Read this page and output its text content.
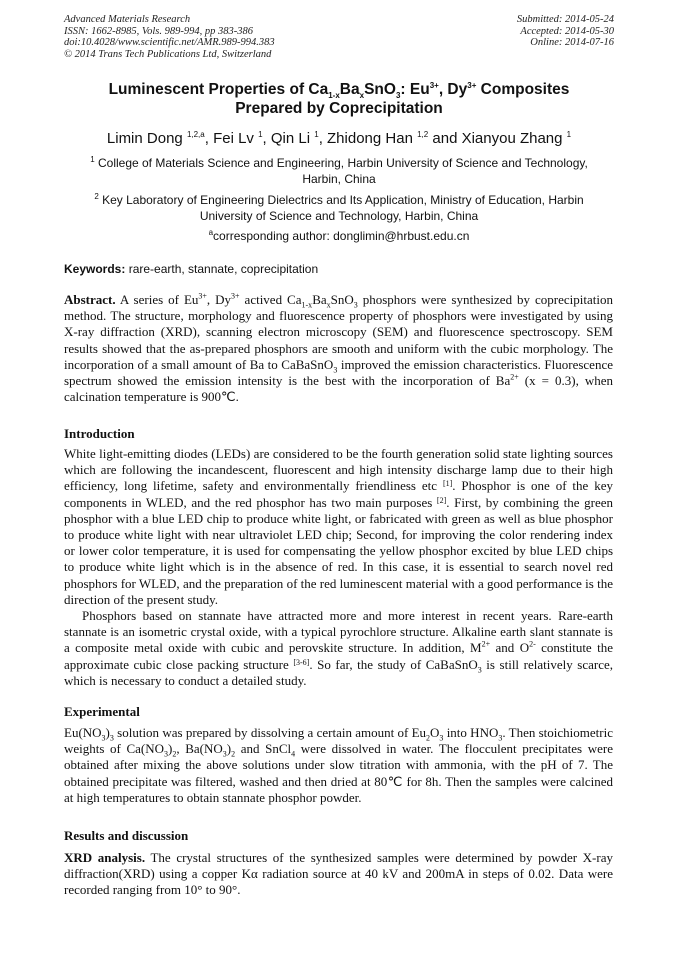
Advanced Materials Research
ISSN: 1662-8985, Vols. 989-994, pp 383-386
doi:10.4028/www.scientific.net/AMR.989-994.383
© 2014 Trans Tech Publications Ltd, Switzerland
Submitted: 2014-05-24
Accepted: 2014-05-30
Online: 2014-07-16
Luminescent Properties of $Ca_{1-x}Ba_xSnO_3$: $Eu^{3+}$, $Dy^{3+}$ Composites
Prepared by Coprecipitation
Limin Dong $^{1,2,a}$, Fei Lv $^1$, Qin Li $^1$, Zhidong Han $^{1,2}$ and Xianyou Zhang $^1$
$^1$ College of Materials Science and Engineering, Harbin University of Science and Technology,
Harbin, China
$^2$ Key Laboratory of Engineering Dielectrics and Its Application, Ministry of Education, Harbin
University of Science and Technology, Harbin, China
$^a$corresponding author: donglimin@hrbust.edu.cn
Keywords: rare-earth, stannate, coprecipitation

Abstract. A series of $Eu^{3+}$, $Dy^{3+}$ actived $Ca_{1-x}Ba_xSnO_3$ phosphors were synthesized by coprecipitation method. The structure, morphology and fluorescence property of phosphors were investigated by using X-ray diffraction (XRD), scanning electron microscopy (SEM) and fluorescence spectroscopy. SEM results showed that the as-prepared phosphors are smooth and uniform with the cubic morphology. The incorporation of a small amount of Ba to CaBaSnO$_3$ improved the emission characteristics. Fluorescence spectrum showed the emission intensity is the best with the incorporation of $Ba^{2+}$ (x = 0.3), when calcination temperature is 900℃.

Introduction

White light-emitting diodes (LEDs) are considered to be the fourth generation solid state lighting sources which are following the incandescent, fluorescent and high intensity discharge lamp due to their high efficiency, long lifetime, safety and environmentally friendliness etc [1]. Phosphor is one of the key components in WLED, and the red phosphor has two main purposes [2]. First, by combining the green phosphor with a blue LED chip to produce white light, or fabricated with green as well as blue phosphor to produce white light with near ultraviolet LED chip; Second, for improving the color rendering index or lower color temperature, it is used for compensating the yellow phosphor excited by blue LED chips to produce white light which is in the absence of red. In this case, it is essential to search novel red phosphors for WLED, and the preparation of the red luminescent material with a good performance is the direction of the present study.

Phosphors based on stannate have attracted more and more interest in recent years. Rare-earth stannate is an isometric crystal oxide, with a typical pyrochlore structure. Alkaline earth slant stannate is a composite metal oxide with cubic and perovskite structure. In addition, $M^{2+}$ and $O^{2-}$ constitute the approximate cubic close packing structure [3-6]. So far, the study of CaBaSnO$_3$ is still relatively scarce, which is necessary to conduct a detailed study.

Experimental

$Eu(NO_3)_3$ solution was prepared by dissolving a certain amount of $Eu_2O_3$ into $HNO_3$. Then stoichiometric weights of $Ca(NO_3)_2$, $Ba(NO_3)_2$ and SnCl$_4$ were dissolved in water. The flocculent precipitates were obtained after mixing the above solutions under slow titration with ammonia, with the pH of 7. The obtained precipitate was filtered, washed and then dried at 80℃ for 8h. Then the samples were calcined at high temperatures to obtain stannate phosphor powder.

Results and discussion

XRD analysis. The crystal structures of the synthesized samples were determined by powder X-ray diffraction(XRD) using a copper Kα radiation source at 40 kV and 200mA in steps of 0.02. Data were recorded ranging from 10° to 90°.
